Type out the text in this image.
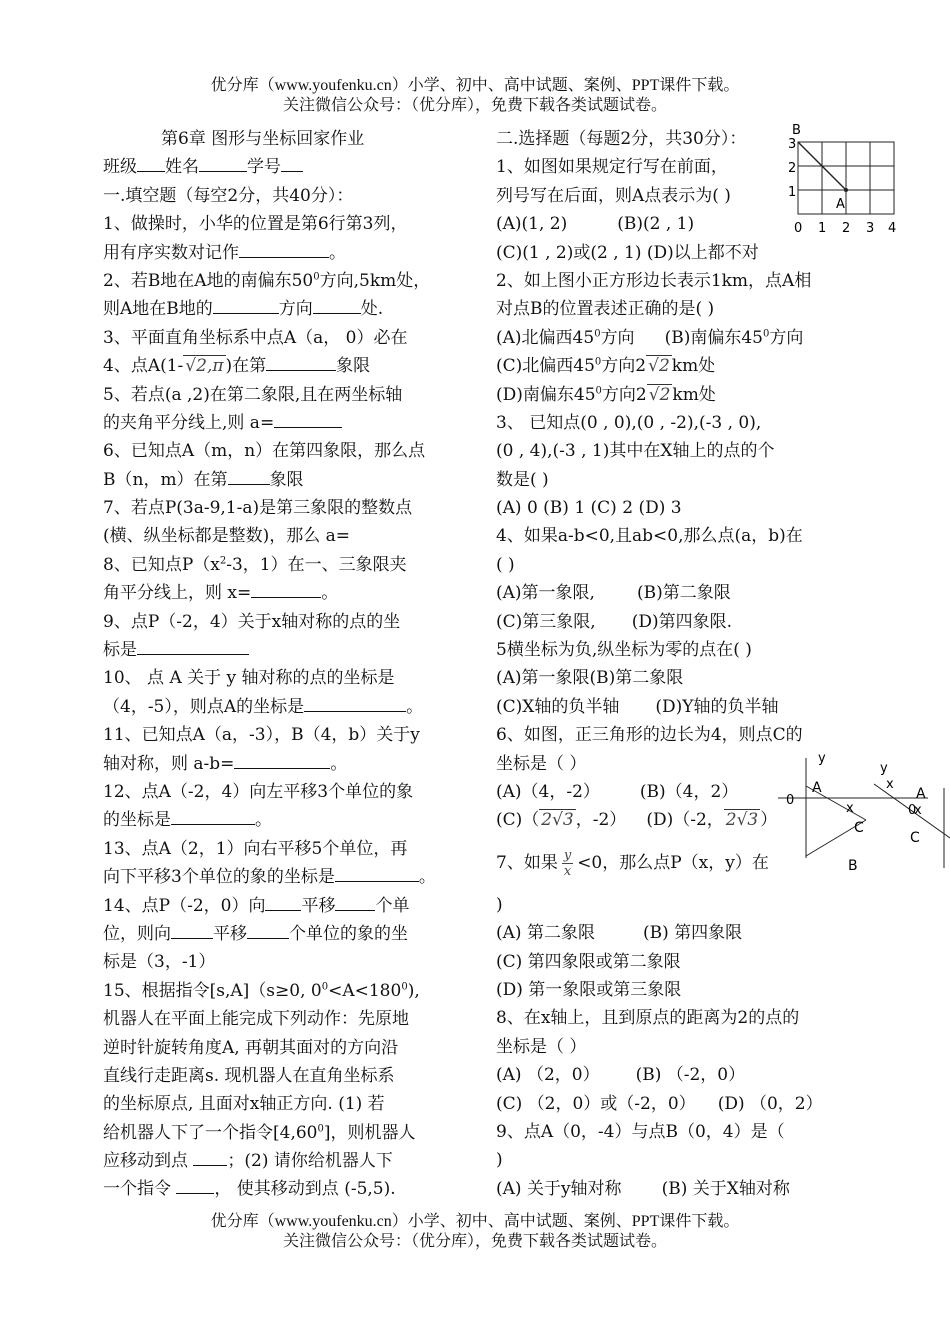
优分库（www.youfenku.cn）小学、初中、高中试题、案例、PPT课件下载。
关注微信公众号：（优分库），免费下载各类试题试卷。
第6章 图形与坐标回家作业
班级 姓名	学号
一.填空题（每空2分，共40分）：
1、做操时，小华的位置是第6行第3列，
用有序实数对记作	。
2、若B地在A地的南偏东$50^0$方向,5km处，
则A地在B地的	方向	处.
3、平面直角坐标系中点A（a， 0）必在
4、点A(1- √2,π )在第	象限
5、若点(a ,2)在第二象限,且在两坐标轴
的夹角平分线上,则 a=
6、已知点A（m，n）在第四象限，那么点
B（n，m）在第 象限
7、若点P(3a-9,1-a)是第三象限的整数点
(横、纵坐标都是整数)，那么 a=
8、已知点$P(x^2-3$，1）在一、三象限夹
角平分线上，则 x=	。
9、点P（-2，4）关于x轴对称的点的坐
标是
10、 点 A 关于 y 轴对称的点的坐标是
（4，-5），则点A的坐标是	。
11、已知点A（a，-3），B（4，b）关于y
轴对称，则 a-b=	。
12、点A（-2，4）向左平移3个单位的象
的坐标是	。
13、点A（2，1）向右平移5个单位，再
向下平移3个单位的象的坐标是	。
14、点P（-2，0）向 平移 个单
位，则向 平移 个单位的象的坐
标是（3，-1）
15、根据指令[s,A]（s≥0, $0^0<A<180^0$),
机器人在平面上能完成下列动作：先原地
逆时针旋转角度A, 再朝其面对的方向沿
直线行走距离s. 现机器人在直角坐标系
的坐标原点, 且面对x轴正方向. (1) 若
给机器人下了一个指令[4,60$^0$]，则机器人
应移动到点 ；(2) 请你给机器人下
一个指令 ， 使其移动到点 (-5,5).
二.选择题（每题2分，共30分）：
1、如图如果规定行写在前面，
列号写在后面，则A点表示为( )
(A)(1, 2)	(B)(2 , 1)
(C)(1 , 2)或(2 , 1) (D)以上都不对
2、如上图小正方形边长表示1km，点A相
对点B的位置表述正确的是( )
(A)北偏西$45^0$方向 (B)南偏东$45^0$方向
(C)北偏西$45^0$方向2 √2 km处
(D)南偏东$45^0$方向2 √2 km处
3、 已知点(0 , 0),(0 , -2),(-3 , 0),
(0 , 4),(-3 , 1)其中在X轴上的点的个
数是( )
(A) 0 (B) 1 (C) 2 (D) 3
4、如果a-b<0,且ab<0,那么点(a，b)在
( )
(A)第一象限, (B)第二象限
(C)第三象限, (D)第四象限.
5横坐标为负,纵坐标为零的点在( )
(A)第一象限(B)第二象限
(C)X轴的负半轴 (D)Y轴的负半轴
6、如图，正三角形的边长为4，则点C的
坐标是（ ）
(A)（4，-2） (B)（4，2）
(C)（ 2√3 ，-2） (D)（-2， 2√3 ）
7、如果 $\frac{y}{x} <0$，那么点P（x，y）在
)
(A) 第二象限	(B) 第四象限
(C) 第四象限或第二象限
(D) 第一象限或第三象限
8、在x轴上，且到原点的距离为2的点的
坐标是（ ）
(A) （2，0） (B) （-2，0）
(C) （2，0）或（-2，0） (D) （0，2）
9、点A（0，-4）与点B（0，4）是（
)
(A) 关于y轴对称 (B) 关于X轴对称
B
A
3
2
1
0 1 2 3 4
y
A
0
x
C
B
y
x
A
0
x
C
优分库（www.youfenku.cn）小学、初中、高中试题、案例、PPT课件下载。
关注微信公众号：（优分库），免费下载各类试题试卷。
